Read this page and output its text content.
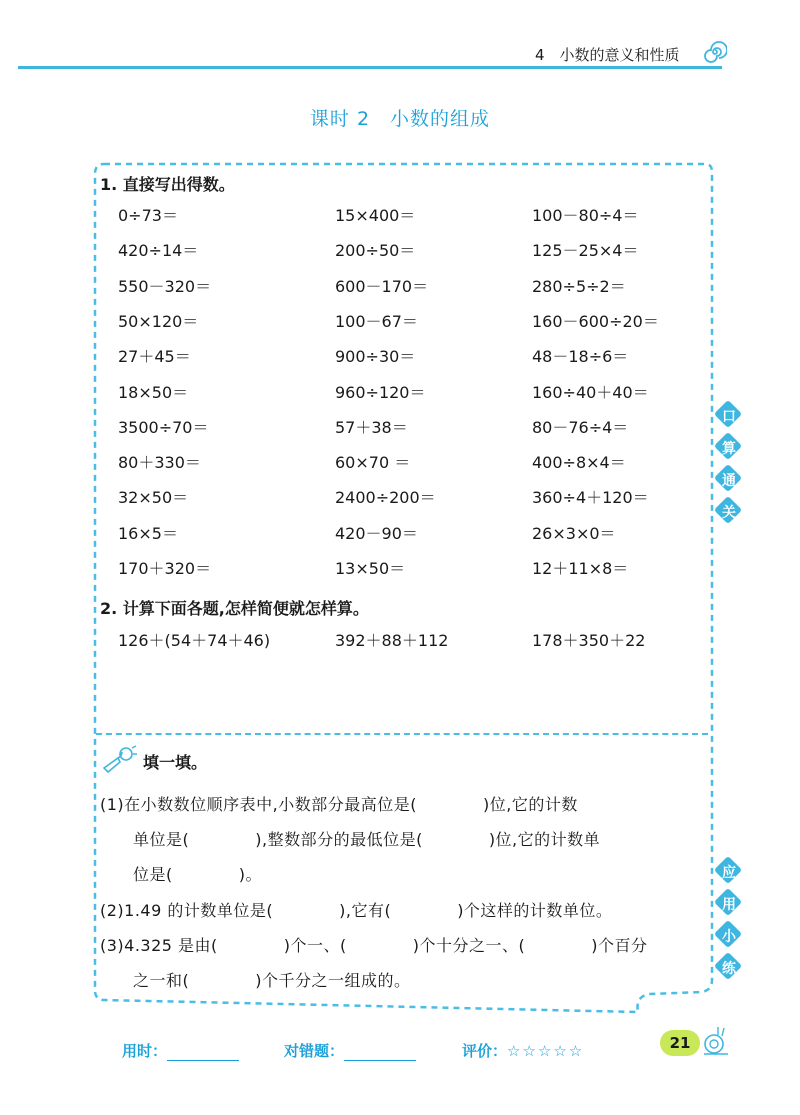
4　小数的意义和性质
课时 2　小数的组成
1. 直接写出得数。
0÷73＝	15×400＝	100－80÷4＝
420÷14＝	200÷50＝	125－25×4＝
550－320＝	600－170＝	280÷5÷2＝
50×120＝	100－67＝	160－600÷20＝
27＋45＝	900÷30＝	48－18÷6＝
18×50＝	960÷120＝	160÷40＋40＝
3500÷70＝	57＋38＝	80－76÷4＝
80＋330＝	60×70 ＝	400÷8×4＝
32×50＝	2400÷200＝	360÷4＋120＝
16×5＝	420－90＝	26×3×0＝
170＋320＝	13×50＝	12＋11×8＝
2. 计算下面各题,怎样简便就怎样算。
126＋(54＋74＋46)	392＋88＋112	178＋350＋22
填一填。
(1)在小数数位顺序表中,小数部分最高位是(　　　　)位,它的计数
　　单位是(　　　　),整数部分的最低位是(　　　　)位,它的计数单
　　位是(　　　　)。
(2)1.49 的计数单位是(　　　　),它有(　　　　)个这样的计数单位。
(3)4.325 是由(　　　　)个一、(　　　　)个十分之一、(　　　　)个百分
　　之一和(　　　　)个千分之一组成的。
口
算
通
关
应
用
小
练
用时：	对错题：	评价：☆☆☆☆☆	21
